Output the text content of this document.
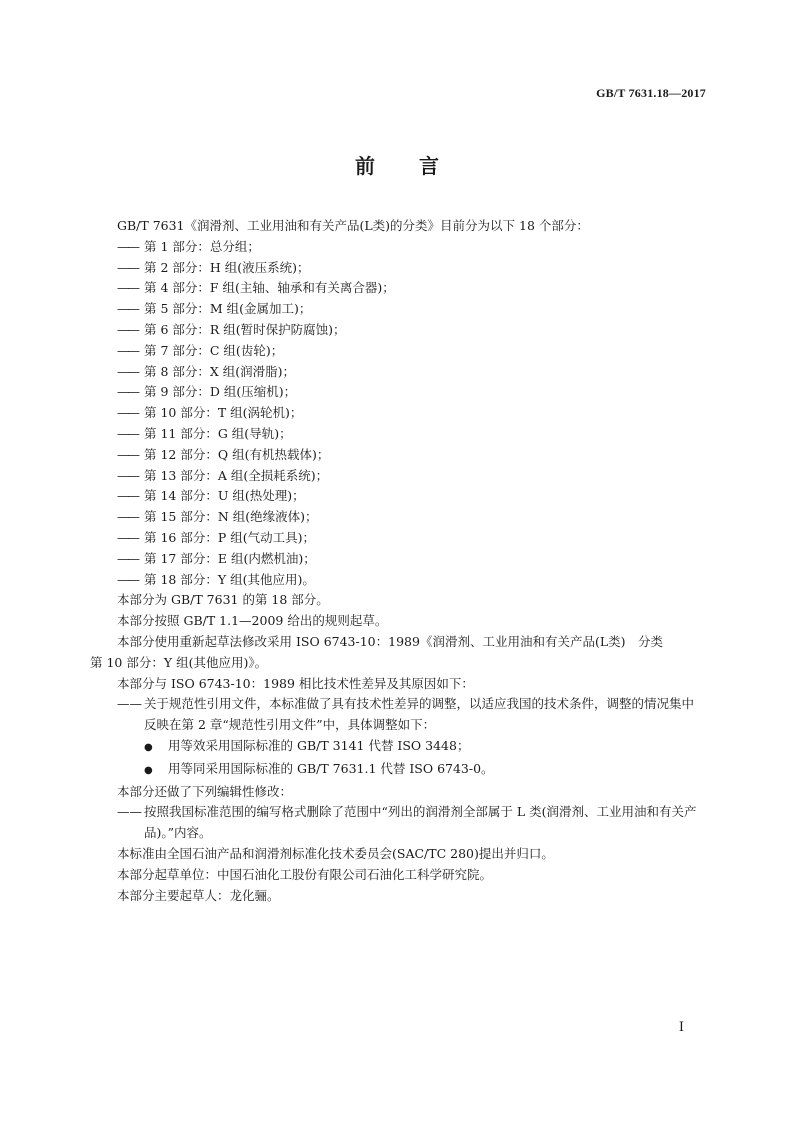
GB/T 7631.18—2017
前 言
GB/T 7631《润滑剂、工业用油和有关产品(L类)的分类》目前分为以下 18 个部分：
—— 第 1 部分：总分组；
—— 第 2 部分：H 组(液压系统)；
—— 第 4 部分：F 组(主轴、轴承和有关离合器)；
—— 第 5 部分：M 组(金属加工)；
—— 第 6 部分：R 组(暂时保护防腐蚀)；
—— 第 7 部分：C 组(齿轮)；
—— 第 8 部分：X 组(润滑脂)；
—— 第 9 部分：D 组(压缩机)；
—— 第 10 部分：T 组(涡轮机)；
—— 第 11 部分：G 组(导轨)；
—— 第 12 部分：Q 组(有机热载体)；
—— 第 13 部分：A 组(全损耗系统)；
—— 第 14 部分：U 组(热处理)；
—— 第 15 部分：N 组(绝缘液体)；
—— 第 16 部分：P 组(气动工具)；
—— 第 17 部分：E 组(内燃机油)；
—— 第 18 部分：Y 组(其他应用)。
本部分为 GB/T 7631 的第 18 部分。
本部分按照 GB/T 1.1—2009 给出的规则起草。
本部分使用重新起草法修改采用 ISO 6743-10：1989《润滑剂、工业用油和有关产品(L类)　分类
第 10 部分：Y 组(其他应用)》。
本部分与 ISO 6743-10：1989 相比技术性差异及其原因如下：
—— 关于规范性引用文件，本标准做了具有技术性差异的调整，以适应我国的技术条件，调整的情况集中反映在第 2 章“规范性引用文件”中，具体调整如下：
● 用等效采用国际标准的 GB/T 3141 代替 ISO 3448；
● 用等同采用国际标准的 GB/T 7631.1 代替 ISO 6743-0。
本部分还做了下列编辑性修改：
—— 按照我国标准范围的编写格式删除了范围中“列出的润滑剂全部属于 L 类(润滑剂、工业用油和有关产品)。”内容。
本标准由全国石油产品和润滑剂标准化技术委员会(SAC/TC 280)提出并归口。
本部分起草单位：中国石油化工股份有限公司石油化工科学研究院。
本部分主要起草人：龙化骊。
I
